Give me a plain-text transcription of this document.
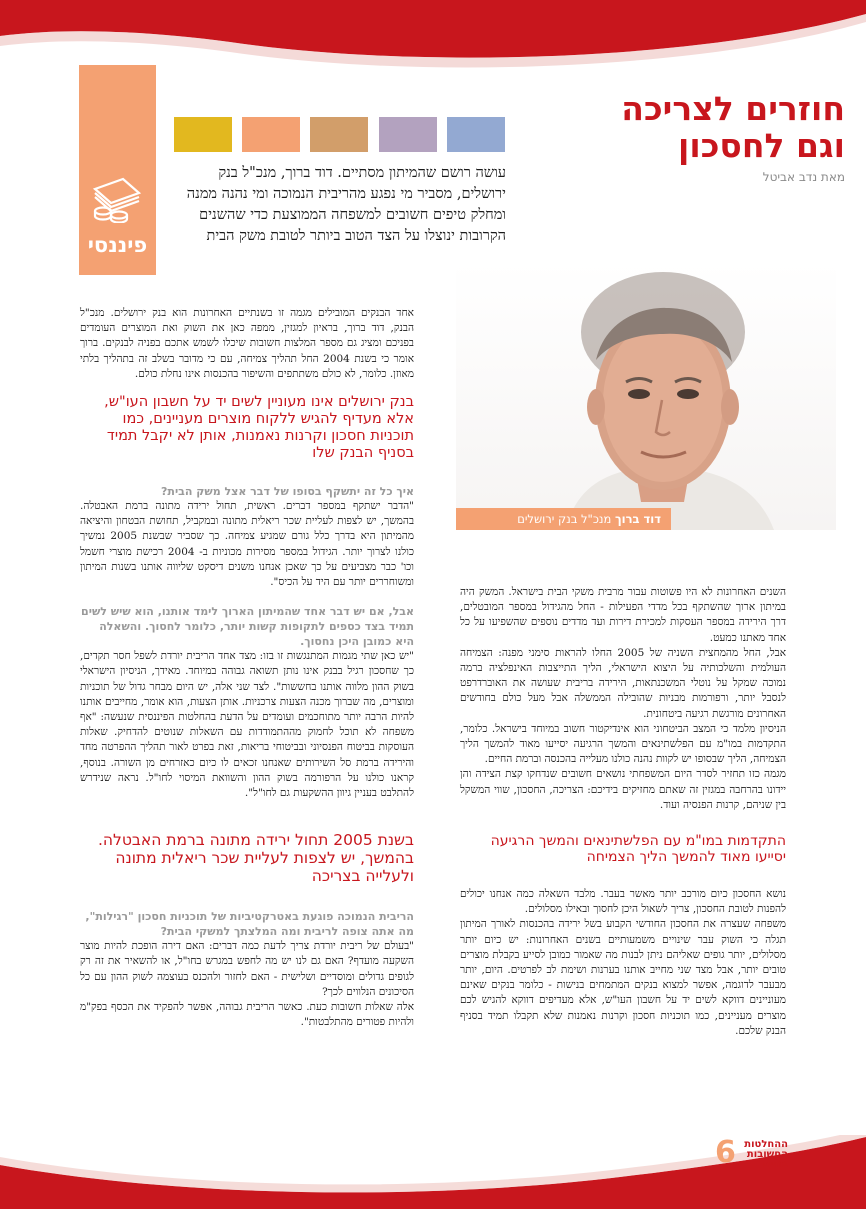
פיננסי
חוזרים לצריכה
וגם לחסכון
מאת נדב אביטל

עושה רושם שהמיתון מסתיים. דוד ברוך, מנכ"ל בנק ירושלים, מסביר מי נפגע מהריבית הנמוכה ומי נהנה ממנה ומחלק טיפים חשובים למשפחה הממוצעת כדי שהשנים הקרובות ינוצלו על הצד הטוב ביותר לטובת משק הבית

דוד ברוך מנכ"ל בנק ירושלים

אחד הבנקים המובילים מגמה זו בשנתיים האחרונות הוא בנק ירושלים. מנכ"ל הבנק, דוד ברוך, בראיון למגזין, ממפה כאן את השוק ואת המוצרים העומדים בפניכם ומציג גם מספר המלצות חשובות שיכלו לשמש אתכם בפניה לבנקים. ברוך אומר כי בשנת 2004 החל תהליך צמיחה, עם כי מדובר בשלב זה בתהליך בלתי מאוזן. כלומר, לא כולם משתתפים והשיפור בהכנסות אינו נחלת כולם.

בנק ירושלים אינו מעוניין לשים יד על חשבון העו"ש, אלא מעדיף להגיש ללקוח מוצרים מעניינים, כמו תוכניות חסכון וקרנות נאמנות, אותן לא יקבל תמיד בסניף הבנק שלו

איך כל זה יתשקף בסופו של דבר אצל משק הבית?

"הדבר ישתקף במספר דברים. ראשית, תחול ירידה מתונה ברמת האבטלה. בהמשך, יש לצפות לעליית שכר ריאלית מתונה ובמקביל, תחושת הבטחון והיציאה מהמיתון היא בדרך כלל גורם שמגיע צמיחה. כך שסביר שבשנת 2005 נמשיך כולנו לצרוך יותר. הגידול במספר מסירות מכוניות ב- 2004 רכישת מוצרי חשמל וכו' כבר מצביעים על כך שאכן אנחנו משנים דיסקט שליווה אותנו בשנות המיתון ומשוחררים יותר עם היד על הכיס".

אבל, אם יש דבר אחד שהמיתון הארוך לימד אותנו, הוא שיש לשים תמיד בצד כספים לתקופות קשות יותר, כלומר לחסוך. והשאלה היא כמובן היכן נחסוך.

"יש כאן שתי מגמות המתנגשות זו בזו: מצד אחד הריבית יורדת לשפל חסר תקדים, כך שחסכון רגיל בבנק אינו נותן תשואה גבוהה במיוחד. מאידך, הניסיון הישראלי בשוק ההון מלווה אותנו בחששות". לצד שני אלה, יש היום מבחר גדול של תוכניות ומוצרים, מה שברוך מכנה הצעות צרכניות. אותן הצעות, הוא אומר, מחייבים אותנו להיות הרבה יותר מתוחכמים ועומדים על הדעת בהחלטות הפיננסית שנעשה: "אף משפחה לא תוכל לחמוק מההתמודדות עם השאלות שנוטים להדחיק. שאלות העוסקות בביטוח הפנסיוני ובביטוחי בריאות, זאת בפרט לאור תהליך ההפרטה מחד והירידה ברמת סל השירותים שאנחנו זכאים לו כיום כאזרחים מן השורה. בנוסף, קראנו כולנו על הרפורמה בשוק ההון והשוואת המיסוי לחו"ל. נראה שנידרש להתלבט בעניין גיוון ההשקעות גם לחו"ל".

בשנת 2005 תחול ירידה מתונה ברמת האבטלה. בהמשך, יש לצפות לעליית שכר ריאלית מתונה ולעלייה בצריכה

הריבית הנמוכה פוגעת באטרקטיביות של תוכניות חסכון "רגילות", מה אתה צופה לריבית ומה המלצתך למשקי הבית?

"בעולם של ריבית יורדת צריך לדעת כמה דברים: האם דירה הופכת להיות מוצר השקעה מועדף? האם גם לנו יש מה לחפש במגרש בחו"ל, או להשאיר את זה רק לגופים גדולים ומוסדיים ושלישית - האם לחזור ולהכנס בעוצמה לשוק ההון עם כל הסיכונים הנלווים לכך?

אלה שאלות חשובות כעת. כאשר הריבית גבוהה, אפשר להפקיד את הכסף בפק"מ ולהיות פטורים מהתלבטות".

השנים האחרונות לא היו פשוטות עבור מרבית משקי הבית בישראל. המשק היה במיתון ארוך שהשתקף בכל מדדי הפעילות - החל מהגידול במספר המובטלים, דרך הירידה במספר העסקות למכירת דירות ועד מדדים נוספים שהשפיעו על כל אחד מאתנו כמעט.

אבל, החל מהמחצית השניה של 2005 החלו להראות סימני מפנה: הצמיחה העולמית והשלכותיה על היצוא הישראלי, הליך התייצבות האינפלציה ברמה נמוכה שמקל על נוטלי המשכנתאות, הירידה בריבית שעושה את האוברדרפט לנסבל יותר, ורפורמות מבניות שהובילה הממשלה אבל מעל כולם בחודשים האחרונים מורגשת רגיעה ביטחונית.

הניסיון מלמד כי המצב הביטחוני הוא אינדיקטור חשוב במיוחד בישראל. כלומר, התקדמות במו"מ עם הפלשתינאים והמשך הרגיעה יסייעו מאוד להמשך הליך הצמיחה, הליך שבסופו יש לקוות נהנה כולנו מעלייה בהכנסה וברמת החיים.

מגמה כזו תחזיר לסדר היום המשפחתי נושאים חשובים שנדחקו קצת הצידה והן יידונו בהרחבה במגזין זה שאתם מחזיקים בידיכם: הצריכה, החסכון, שווי המשקל בין שניהם, קרנות הפנסיה ועוד.

התקדמות במו"מ עם הפלשתינאים והמשך הרגיעה יסייעו מאוד להמשך הליך הצמיחה

נושא החסכון כיום מורכב יותר מאשר בעבר. מלבד השאלה כמה אנחנו יכולים להפנות לטובת החסכון, צריך לשאול היכן לחסוך ובאילו מסלולים.

משפחה שעצרה את החסכון החודשי הקבוע בשל ירידה בהכנסות לאורך המיתון תגלה כי השוק עבר שינויים משמעותיים בשנים האחרונות: יש כיום יותר מסלולים, יותר גופים שאליהם ניתן לבנות מה שאמור כמובן לסייע בקבלת מוצרים טובים יותר, אבל מצד שני מחייב אותנו בערנות ושימת לב לפרטים. היום, יותר מבעבר לדוגמה, אפשר למצוא בנקים המתמחים בנישות - כלומר בנקים שאינם מעוניינים דווקא לשים יד על חשבון העו"ש, אלא מעדיפים דווקא להגיש לכם מוצרים מעניינים, כמו תוכניות חסכון וקרנות נאמנות שלא תקבלו תמיד בסניף הבנק שלכם.

6 ההחלטות
החשובות
בחיים
